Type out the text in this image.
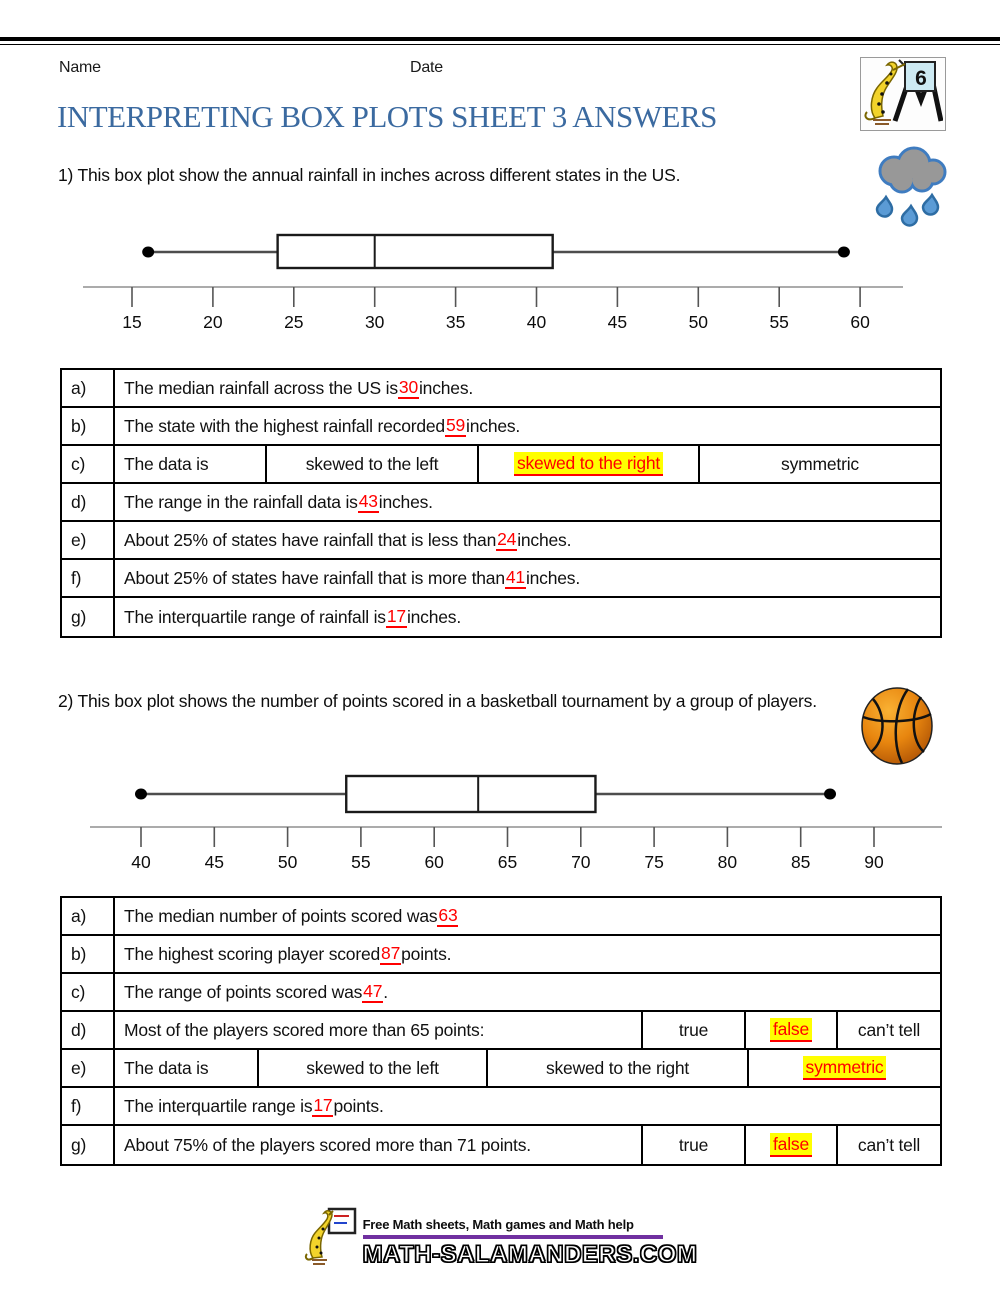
Name	Date	6
INTERPRETING BOX PLOTS SHEET 3 ANSWERS
1) This box plot show the annual rainfall in inches across different states in the US.
15	20	25	30	35	40	45	50	55	60
a)	The median rainfall across the US is 30 inches.
b)	The state with the highest rainfall recorded 59 inches.
c)	The data is	skewed to the left	skewed to the right	symmetric
d)	The range in the rainfall data is 43 inches.
e)	About 25% of states have rainfall that is less than 24 inches.
f)	About 25% of states have rainfall that is more than 41 inches.
g)	The interquartile range of rainfall is 17 inches.
2) This box plot shows the number of points scored in a basketball tournament by a group of players.
40	45	50	55	60	65	70	75	80	85	90
a)	The median number of points scored was 63
b)	The highest scoring player scored 87 points.
c)	The range of points scored was 47 .
d)	Most of the players scored more than 65 points:	true	false	can’t tell
e)	The data is	skewed to the left	skewed to the right	symmetric
f)	The interquartile range is 17 points.
g)	About 75% of the players scored more than 71 points.	true	false	can’t tell
Free Math sheets, Math games and Math help
MATH-SALAMANDERS.COM
